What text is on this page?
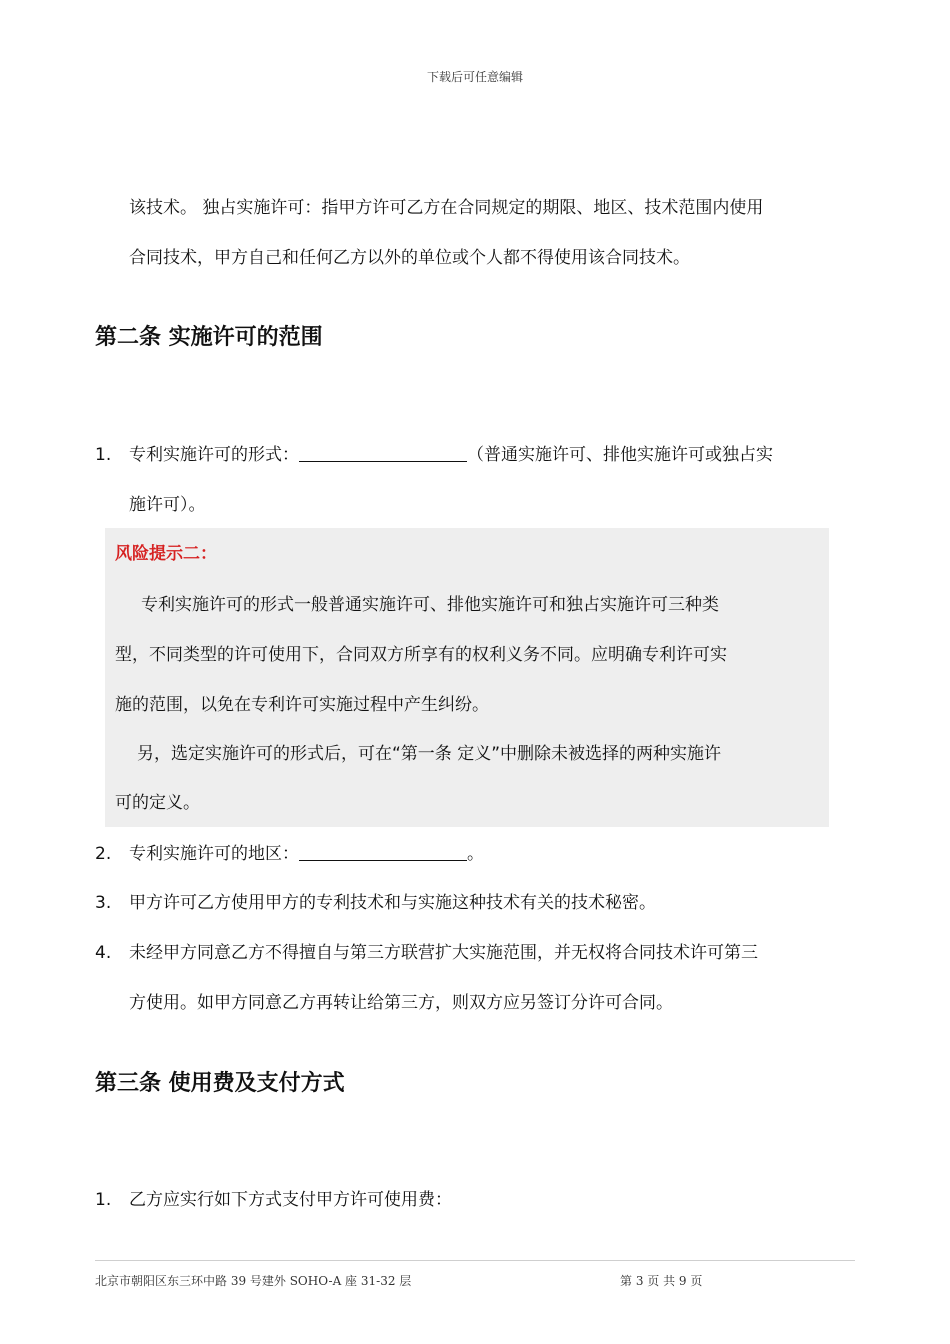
下载后可任意编辑
该技术。 独占实施许可：指甲方许可乙方在合同规定的期限、地区、技术范围内使用
合同技术，甲方自己和任何乙方以外的单位或个人都不得使用该合同技术。
第二条 实施许可的范围
1. 专利实施许可的形式：	（普通实施许可、排他实施许可或独占实
施许可）。
风险提示二：
专利实施许可的形式一般普通实施许可、排他实施许可和独占实施许可三种类
型，不同类型的许可使用下，合同双方所享有的权利义务不同。应明确专利许可实
施的范围，以免在专利许可实施过程中产生纠纷。
另，选定实施许可的形式后，可在“第一条 定义”中删除未被选择的两种实施许
可的定义。
2. 专利实施许可的地区：	。
3. 甲方许可乙方使用甲方的专利技术和与实施这种技术有关的技术秘密。
4. 未经甲方同意乙方不得擅自与第三方联营扩大实施范围，并无权将合同技术许可第三
方使用。如甲方同意乙方再转让给第三方，则双方应另签订分许可合同。
第三条 使用费及支付方式
1. 乙方应实行如下方式支付甲方许可使用费：
北京市朝阳区东三环中路 39 号建外 SOHO-A 座 31-32 层	第 3 页 共 9 页
